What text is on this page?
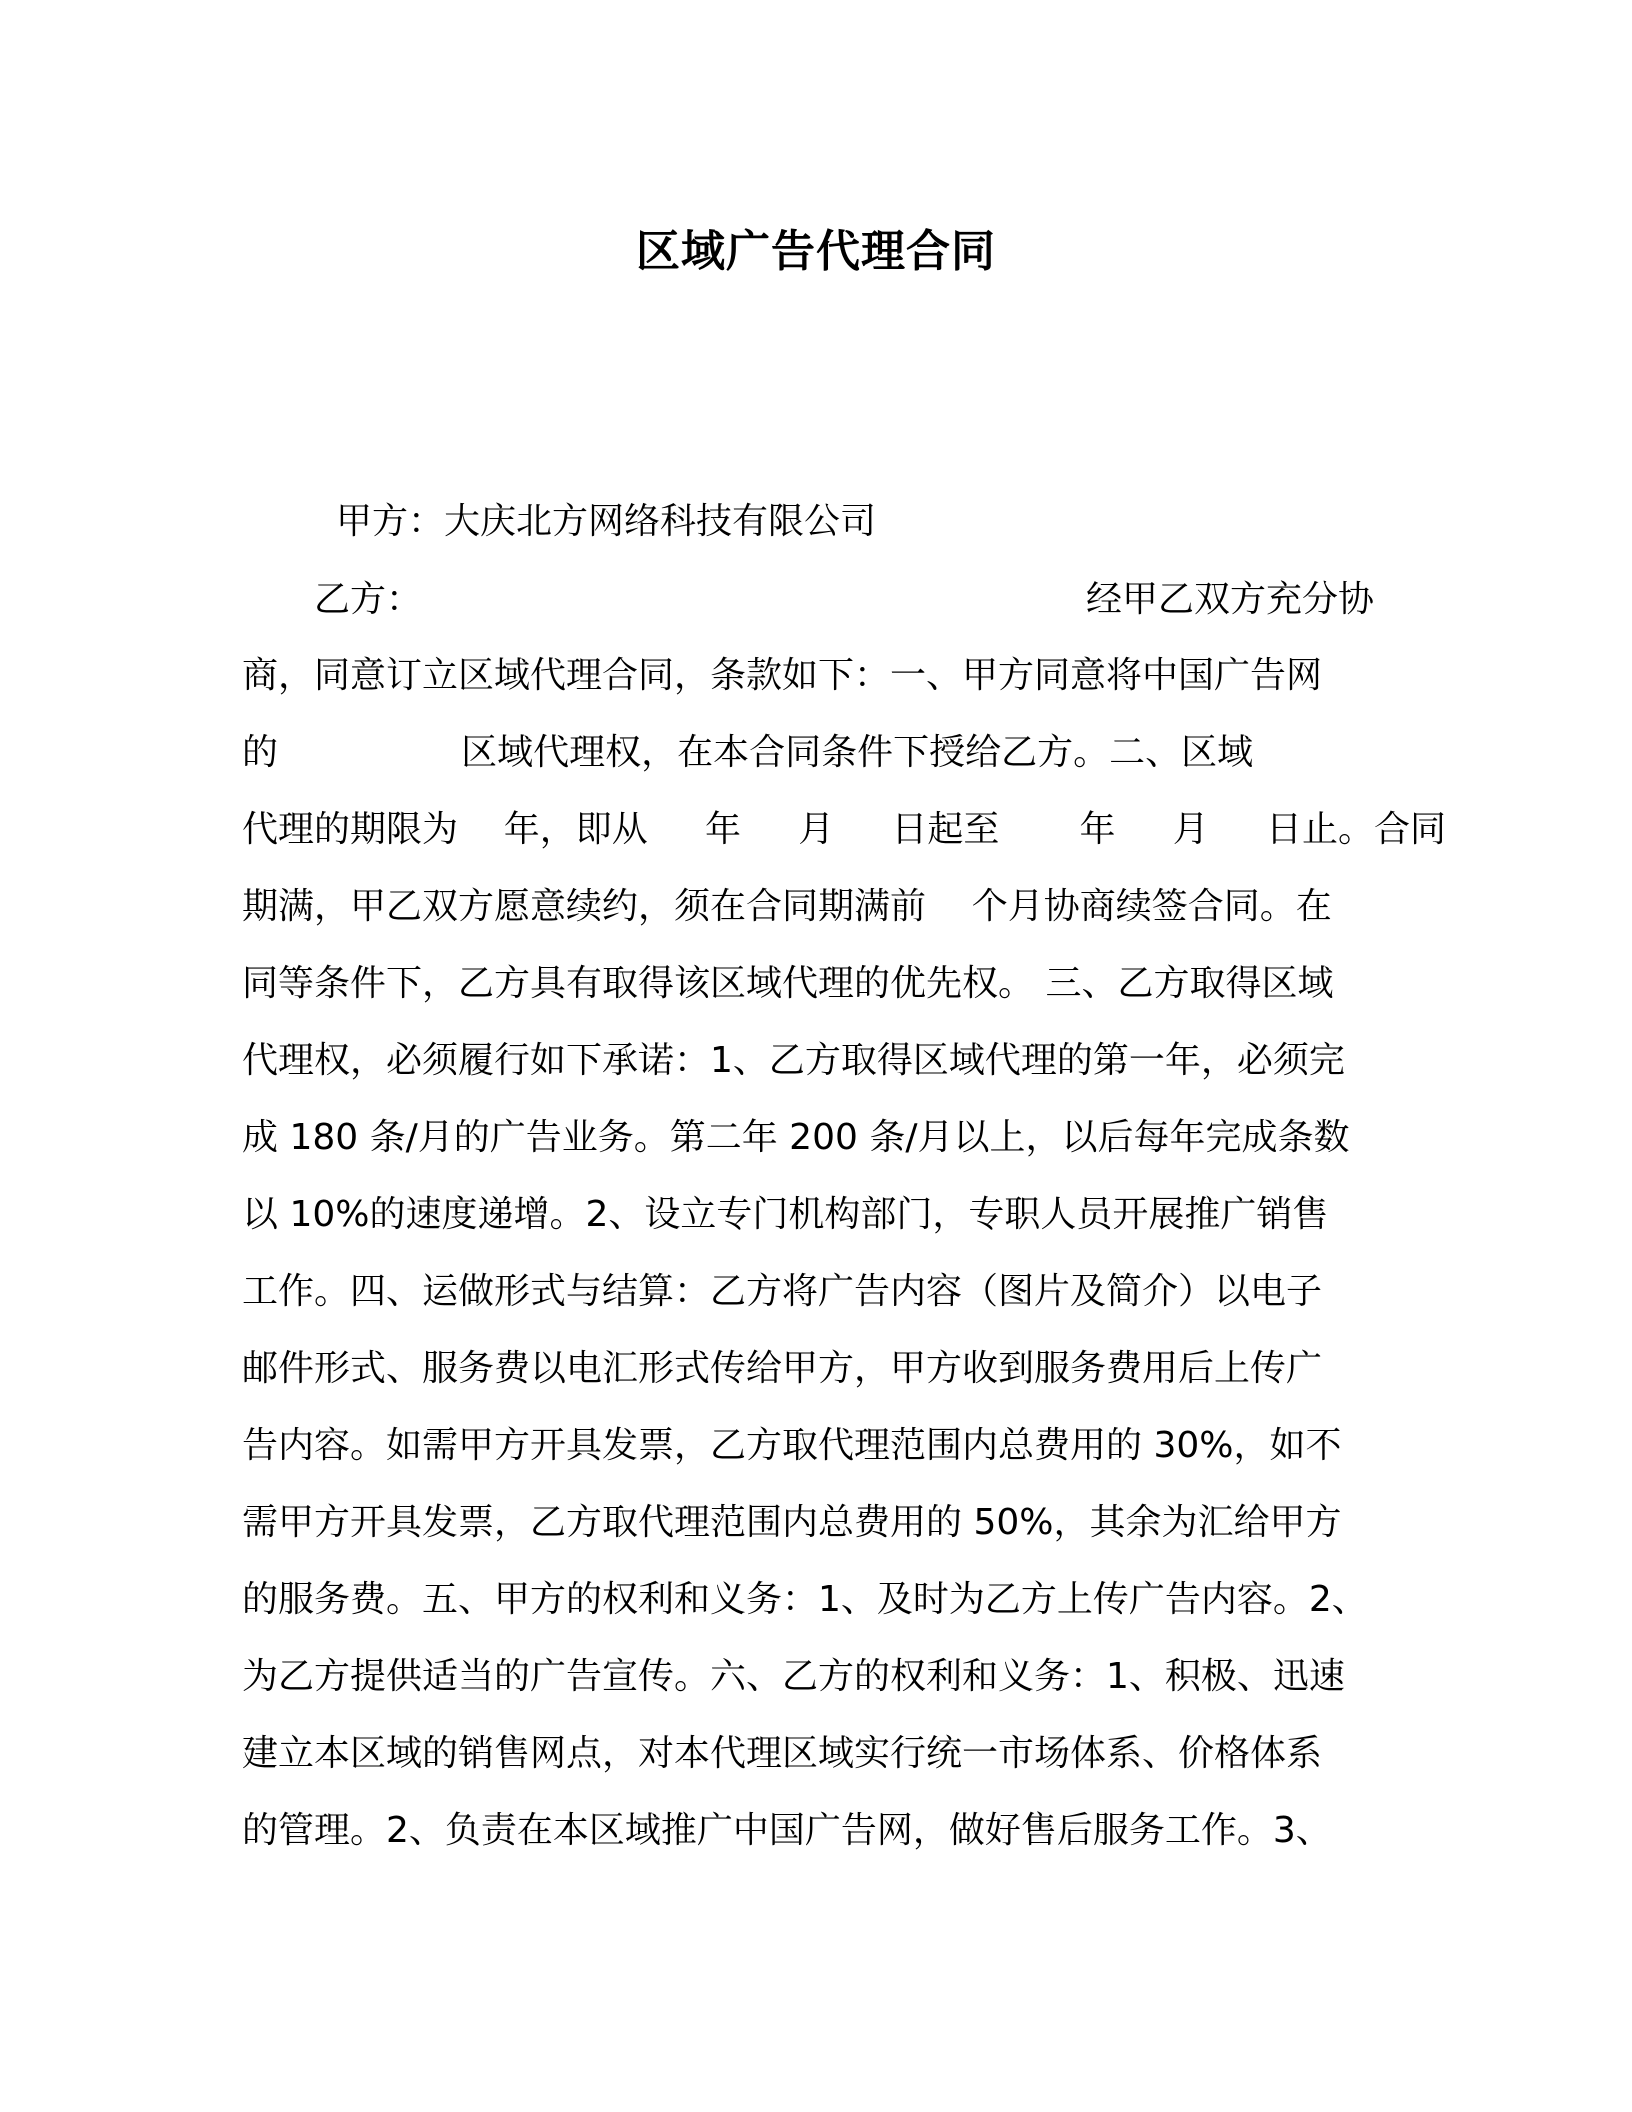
区域广告代理合同
甲方：大庆北方网络科技有限公司
乙方：	经甲乙双方充分协
商，同意订立区域代理合同，条款如下：一、甲方同意将中国广告网
的                区域代理权，在本合同条件下授给乙方。二、区域
代理的期限为    年，即从     年     月     日起至       年     月     日止。合同
期满，甲乙双方愿意续约，须在合同期满前    个月协商续签合同。在
同等条件下，乙方具有取得该区域代理的优先权。 三、乙方取得区域
代理权，必须履行如下承诺：1、乙方取得区域代理的第一年，必须完
成 180 条/月的广告业务。第二年 200 条/月以上，以后每年完成条数
以 10%的速度递增。2、设立专门机构部门，专职人员开展推广销售
工作。四、运做形式与结算：乙方将广告内容（图片及简介）以电子
邮件形式、服务费以电汇形式传给甲方，甲方收到服务费用后上传广
告内容。如需甲方开具发票，乙方取代理范围内总费用的 30%，如不
需甲方开具发票，乙方取代理范围内总费用的 50%，其余为汇给甲方
的服务费。五、甲方的权利和义务：1、及时为乙方上传广告内容。2、
为乙方提供适当的广告宣传。六、乙方的权利和义务：1、积极、迅速
建立本区域的销售网点，对本代理区域实行统一市场体系、价格体系
的管理。2、负责在本区域推广中国广告网，做好售后服务工作。3、
